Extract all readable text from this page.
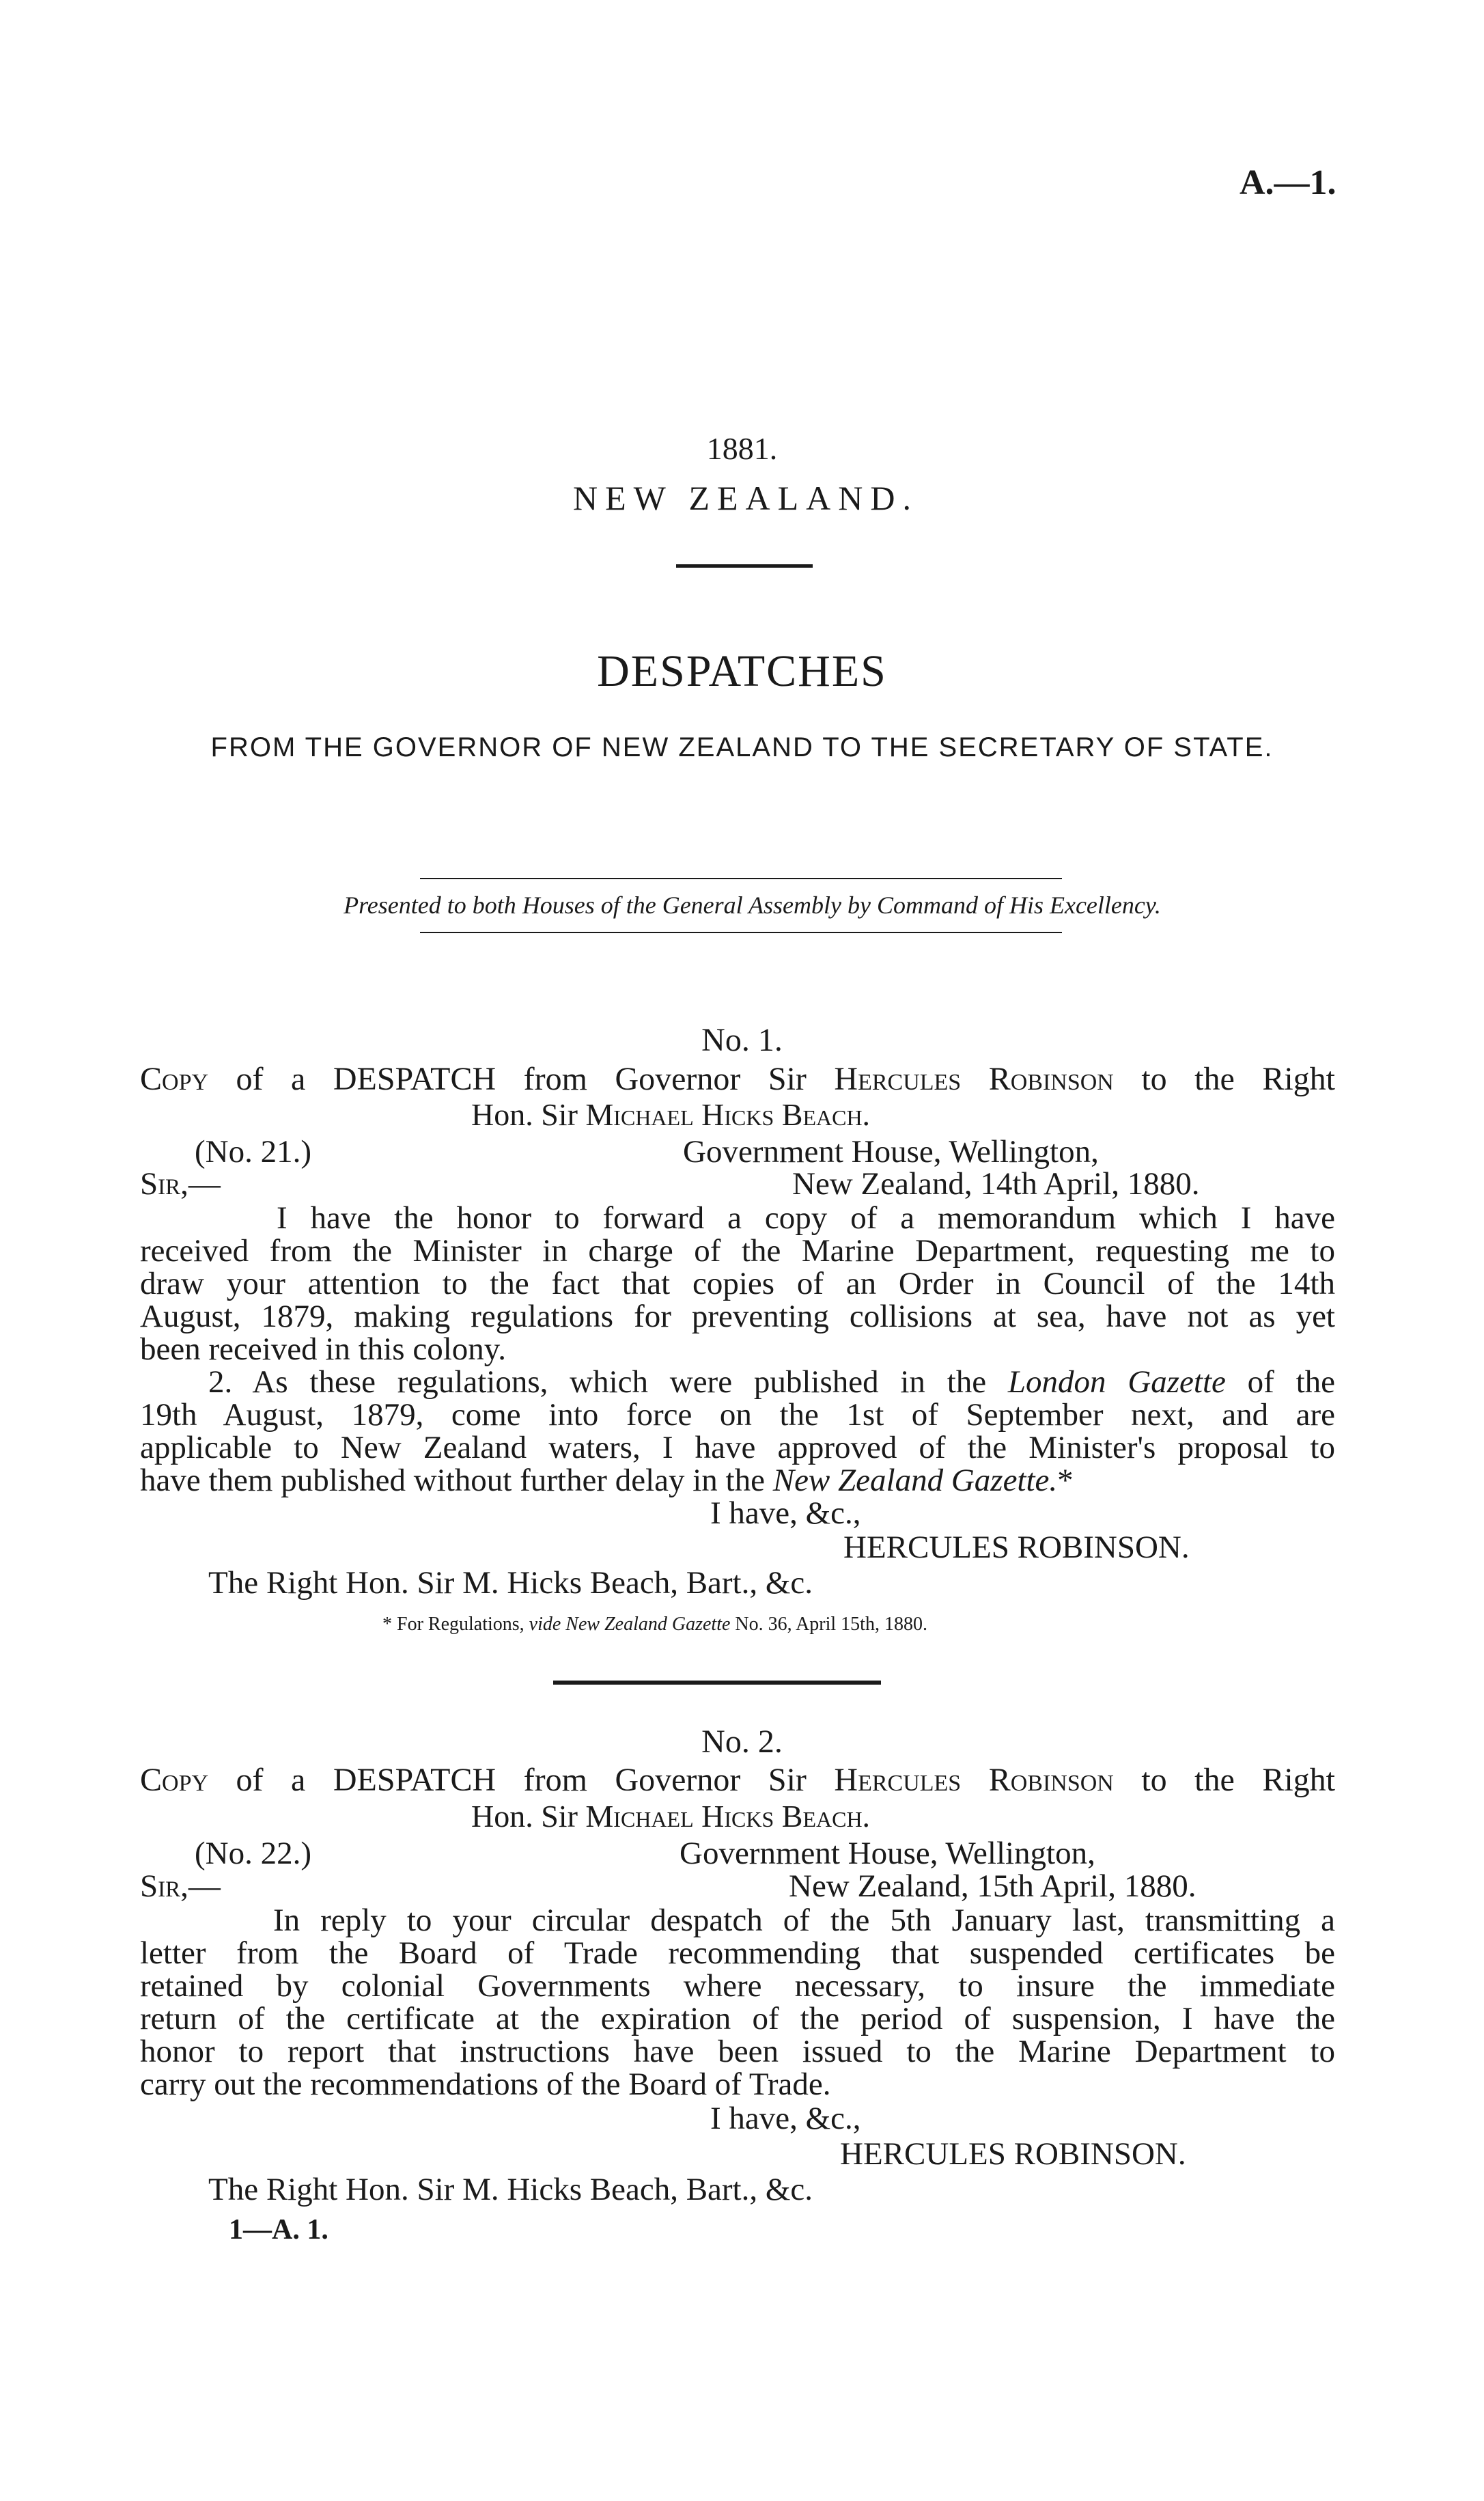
A.—1.
1881.
NEW ZEALAND.
DESPATCHES
FROM THE GOVERNOR OF NEW ZEALAND TO THE SECRETARY OF STATE.
Presented to both Houses of the General Assembly by Command of His Excellency.
No. 1.
Copy of a DESPATCH from Governor Sir Hercules Robinson to the Right
Hon. Sir Michael Hicks Beach.
(No. 21.)	Government House, Wellington,
Sir,—	New Zealand, 14th April, 1880.
I have the honor to forward a copy of a memorandum which I have
received from the Minister in charge of the Marine Department, requesting me to
draw your attention to the fact that copies of an Order in Council of the 14th
August, 1879, making regulations for preventing collisions at sea, have not as yet
been received in this colony.
2. As these regulations, which were published in the London Gazette of the
19th August, 1879, come into force on the 1st of September next, and are
applicable to New Zealand waters, I have approved of the Minister's proposal to
have them published without further delay in the New Zealand Gazette.*
I have, &c.,
HERCULES ROBINSON.
The Right Hon. Sir M. Hicks Beach, Bart., &c.
* For Regulations, vide New Zealand Gazette No. 36, April 15th, 1880.
No. 2.
Copy of a DESPATCH from Governor Sir Hercules Robinson to the Right
Hon. Sir Michael Hicks Beach.
(No. 22.)	Government House, Wellington,
Sir,—	New Zealand, 15th April, 1880.
In reply to your circular despatch of the 5th January last, transmitting a
letter from the Board of Trade recommending that suspended certificates be
retained by colonial Governments where necessary, to insure the immediate
return of the certificate at the expiration of the period of suspension, I have the
honor to report that instructions have been issued to the Marine Department to
carry out the recommendations of the Board of Trade.
I have, &c.,
HERCULES ROBINSON.
The Right Hon. Sir M. Hicks Beach, Bart., &c.
1—A. 1.
